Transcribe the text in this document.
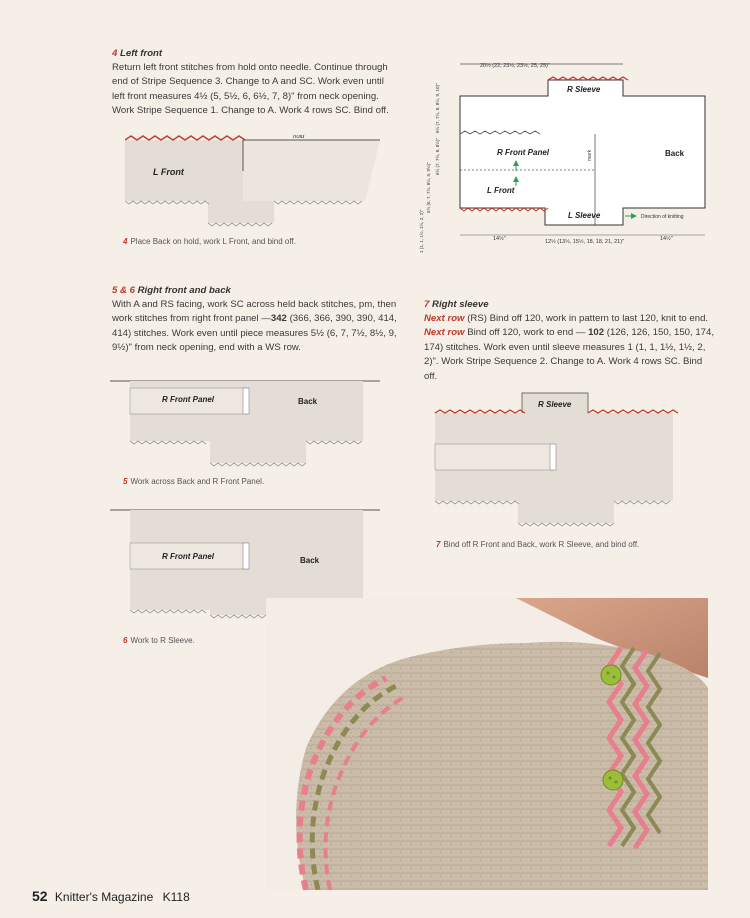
4 Left front
Return left front stitches from hold onto needle. Continue through end of Stripe Sequence 3. Change to A and SC. Work even until left front measures 4½ (5, 5½, 6, 6½, 7, 8)" from neck opening. Work Stripe Sequence 1. Change to A. Work 4 rows SC. Bind off.
hold
L Front
4 Place Back on hold, work L Front, and bind off.
20½ (22, 23½, 23½, 25, 25)"
R Sleeve
R Front Panel	Back
L Front
L Sleeve
mark
Direction of knitting
6½ (7, 7½, 8, 8½, 9, 10)"
6½ (7, 7½, 8, 8½)"
5½ (6, 7, 7½, 8½, 9, 9½)"
1 (1, 1, 1½, 1½, 2, 2)"	14½"	12½ (13½, 15½, 18, 18, 21, 21)"	14½"
5 & 6 Right front and back
With A and RS facing, work SC across held back stitches, pm, then work stitches from right front panel —342 (366, 366, 390, 390, 414, 414) stitches. Work even until piece measures 5½ (6, 7, 7½, 8½, 9, 9½)" from neck opening, end with a WS row.
R Front Panel	Back
5 Work across Back and R Front Panel.
R Front Panel	Back
6 Work to R Sleeve.
7 Right sleeve
Next row (RS) Bind off 120, work in pattern to last 120, knit to end.
Next row Bind off 120, work to end — 102 (126, 126, 150, 150, 174, 174) stitches. Work even until sleeve measures 1 (1, 1, 1½, 1½, 2, 2)". Work Stripe Sequence 2. Change to A. Work 4 rows SC. Bind off.
R Sleeve
7 Bind off R Front and Back, work R Sleeve, and bind off.
52 Knitter's Magazine K118
